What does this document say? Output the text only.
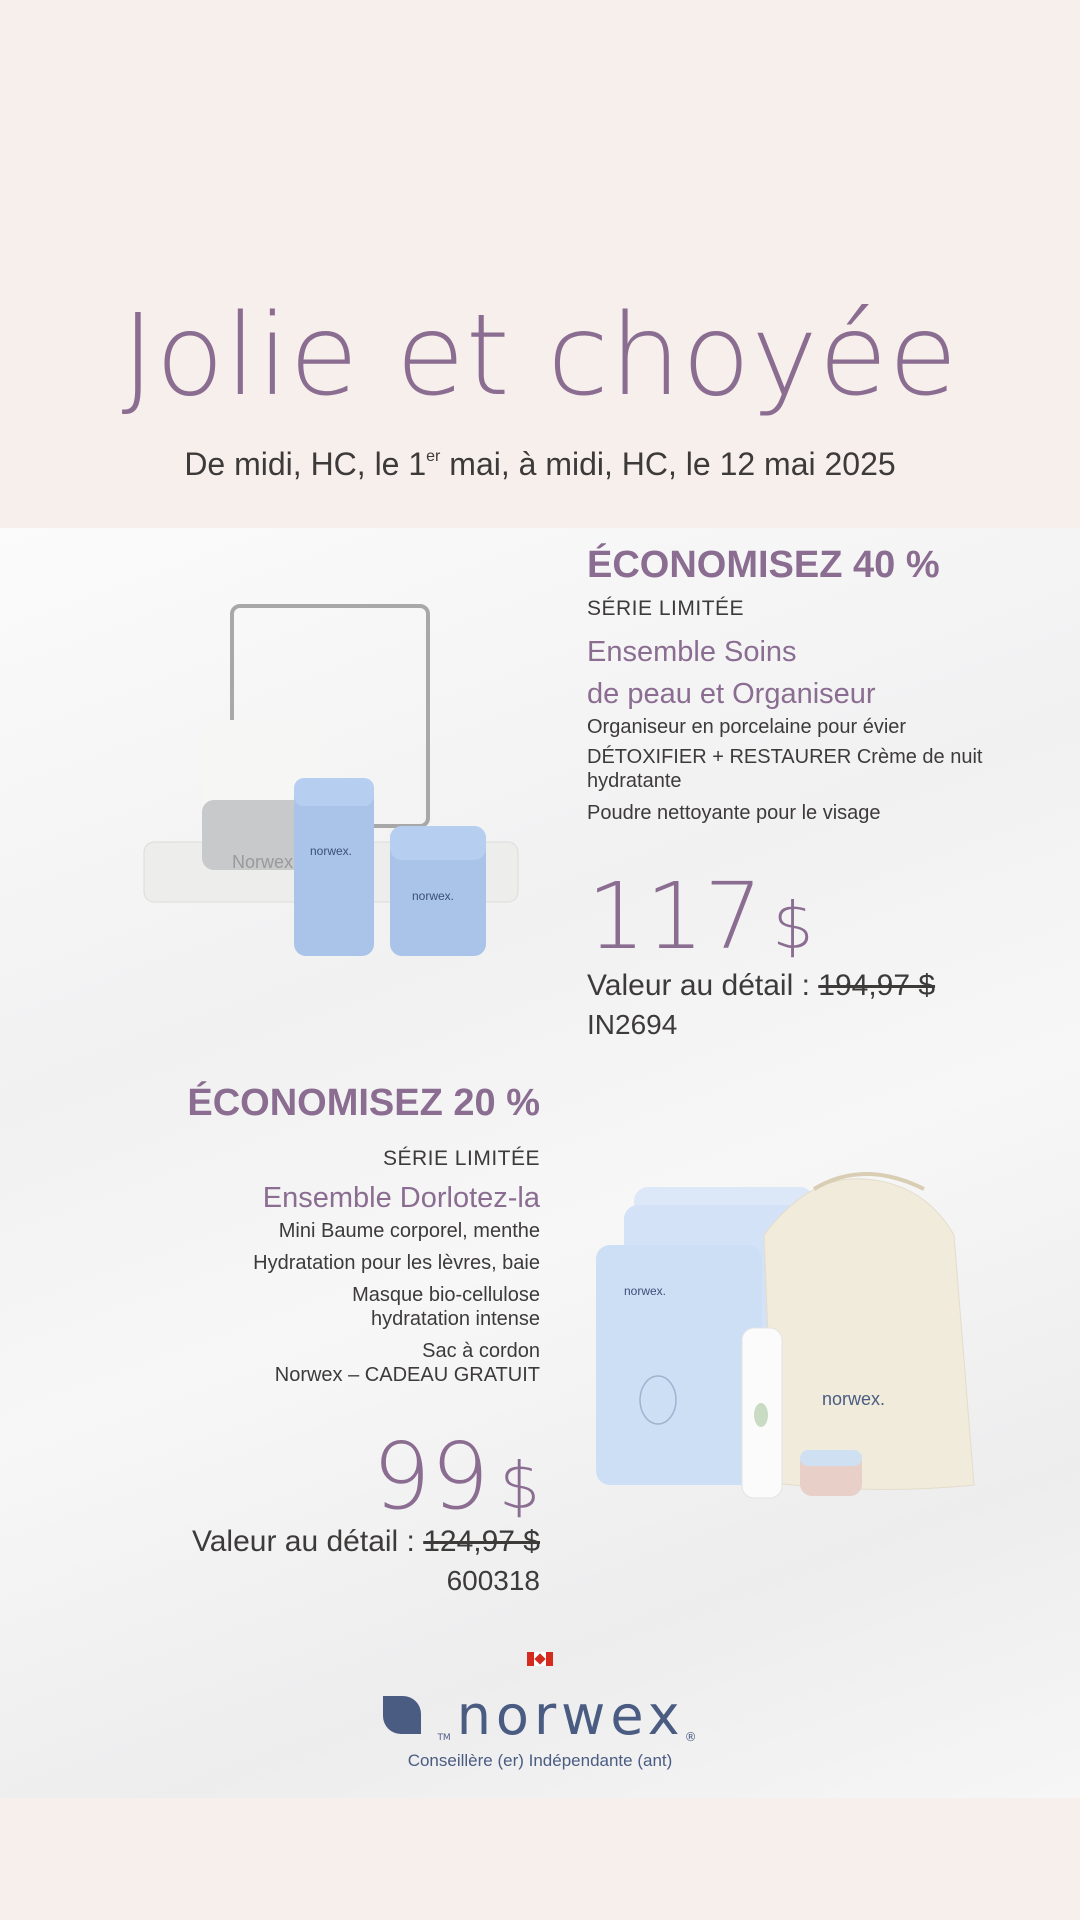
Jolie et choyée
De midi, HC, le 1er mai, à midi, HC, le 12 mai 2025
Norwex
norwex.
norwex.
ÉCONOMISEZ 40 %
SÉRIE LIMITÉE
Ensemble Soins
de peau et Organiseur
Organiseur en porcelaine pour évier
DÉTOXIFIER + RESTAURER Crème de nuit hydratante
Poudre nettoyante pour le visage
117 $
Valeur au détail : 194,97 $
IN2694
ÉCONOMISEZ 20 %
SÉRIE LIMITÉE
Ensemble Dorlotez-la
Mini Baume corporel, menthe
Hydratation pour les lèvres, baie
Masque bio-cellulose
hydratation intense
Sac à cordon
Norwex – CADEAU GRATUIT
99 $
Valeur au détail : 124,97 $
600318
norwex.
norwex.
TM norwex®
Conseillère (er) Indépendante (ant)
